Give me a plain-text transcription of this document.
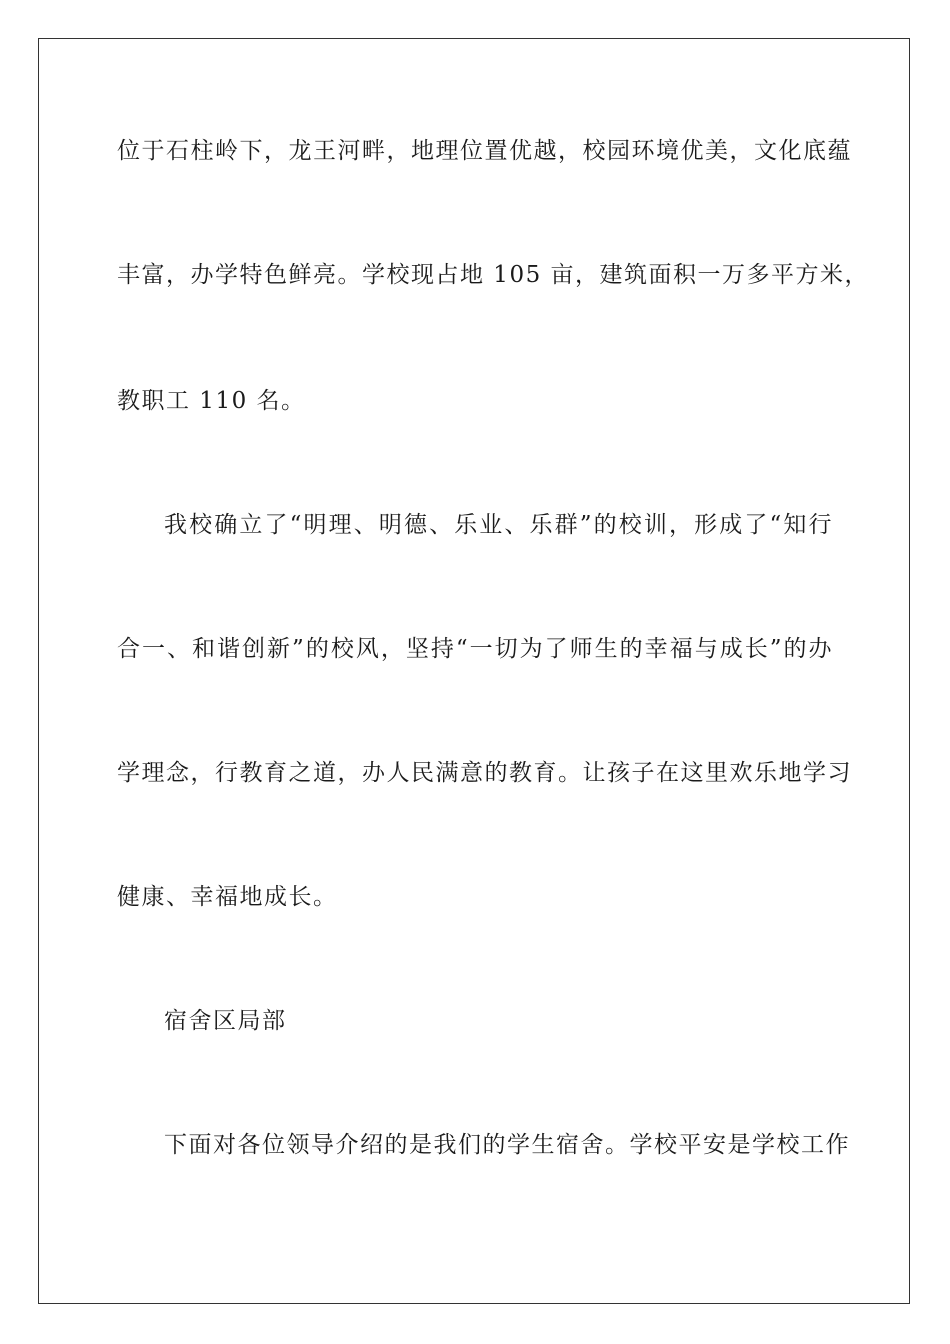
位于石柱岭下，龙王河畔，地理位置优越，校园环境优美，文化底蕴
丰富，办学特色鲜亮。学校现占地 105 亩，建筑面积一万多平方米，
教职工 110 名。
我校确立了“明理、明德、乐业、乐群”的校训，形成了“知行
合一、和谐创新”的校风，坚持“一切为了师生的幸福与成长”的办
学理念，行教育之道，办人民满意的教育。让孩子在这里欢乐地学习
健康、幸福地成长。
宿舍区局部
下面对各位领导介绍的是我们的学生宿舍。学校平安是学校工作
